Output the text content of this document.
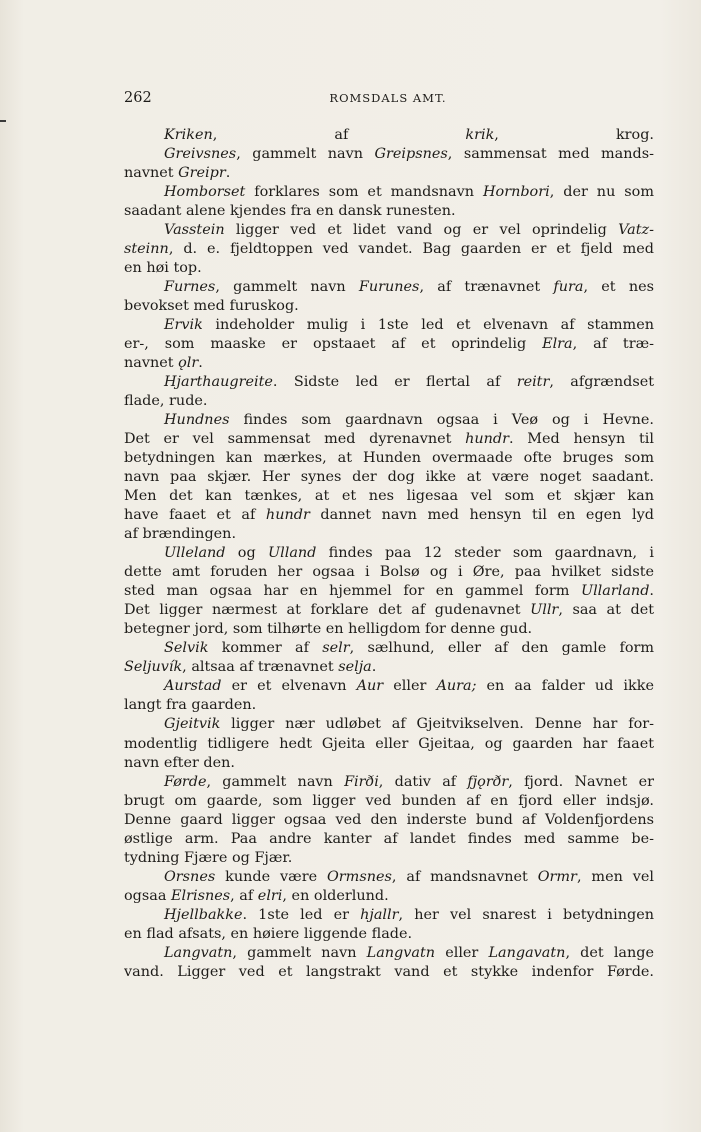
262	ROMSDALS AMT.
Kriken, af krik, krog.
Greivsnes, gammelt navn Greipsnes, sammensat med mands-
navnet Greipr.
Homborset forklares som et mandsnavn Hornbori, der nu som
saadant alene kjendes fra en dansk runesten.
Vasstein ligger ved et lidet vand og er vel oprindelig Vatz-
steinn, d. e. fjeldtoppen ved vandet. Bag gaarden er et fjeld med
en høi top.
Furnes, gammelt navn Furunes, af trænavnet fura, et nes
bevokset med furuskog.
Ervik indeholder mulig i 1ste led et elvenavn af stammen
er-, som maaske er opstaaet af et oprindelig Elra, af træ-
navnet ǫlr.
Hjarthaugreite. Sidste led er flertal af reitr, afgrændset
flade, rude.
Hundnes findes som gaardnavn ogsaa i Veø og i Hevne.
Det er vel sammensat med dyrenavnet hundr. Med hensyn til
betydningen kan mærkes, at Hunden overmaade ofte bruges som
navn paa skjær. Her synes der dog ikke at være noget saadant.
Men det kan tænkes, at et nes ligesaa vel som et skjær kan
have faaet et af hundr dannet navn med hensyn til en egen lyd
af brændingen.
Ulleland og Ulland findes paa 12 steder som gaardnavn, i
dette amt foruden her ogsaa i Bolsø og i Øre, paa hvilket sidste
sted man ogsaa har en hjemmel for en gammel form Ullarland.
Det ligger nærmest at forklare det af gudenavnet Ullr, saa at det
betegner jord, som tilhørte en helligdom for denne gud.
Selvik kommer af selr, sælhund, eller af den gamle form
Seljuvík, altsaa af trænavnet selja.
Aurstad er et elvenavn Aur eller Aura; en aa falder ud ikke
langt fra gaarden.
Gjeitvik ligger nær udløbet af Gjeitvikselven. Denne har for-
modentlig tidligere hedt Gjeita eller Gjeitaa, og gaarden har faaet
navn efter den.
Førde, gammelt navn Firði, dativ af fjǫrðr, fjord. Navnet er
brugt om gaarde, som ligger ved bunden af en fjord eller indsjø.
Denne gaard ligger ogsaa ved den inderste bund af Voldenfjordens
østlige arm. Paa andre kanter af landet findes med samme be-
tydning Fjære og Fjær.
Orsnes kunde være Ormsnes, af mandsnavnet Ormr, men vel
ogsaa Elrisnes, af elri, en olderlund.
Hjellbakke. 1ste led er hjallr, her vel snarest i betydningen
en flad afsats, en høiere liggende flade.
Langvatn, gammelt navn Langvatn eller Langavatn, det lange
vand. Ligger ved et langstrakt vand et stykke indenfor Førde.
